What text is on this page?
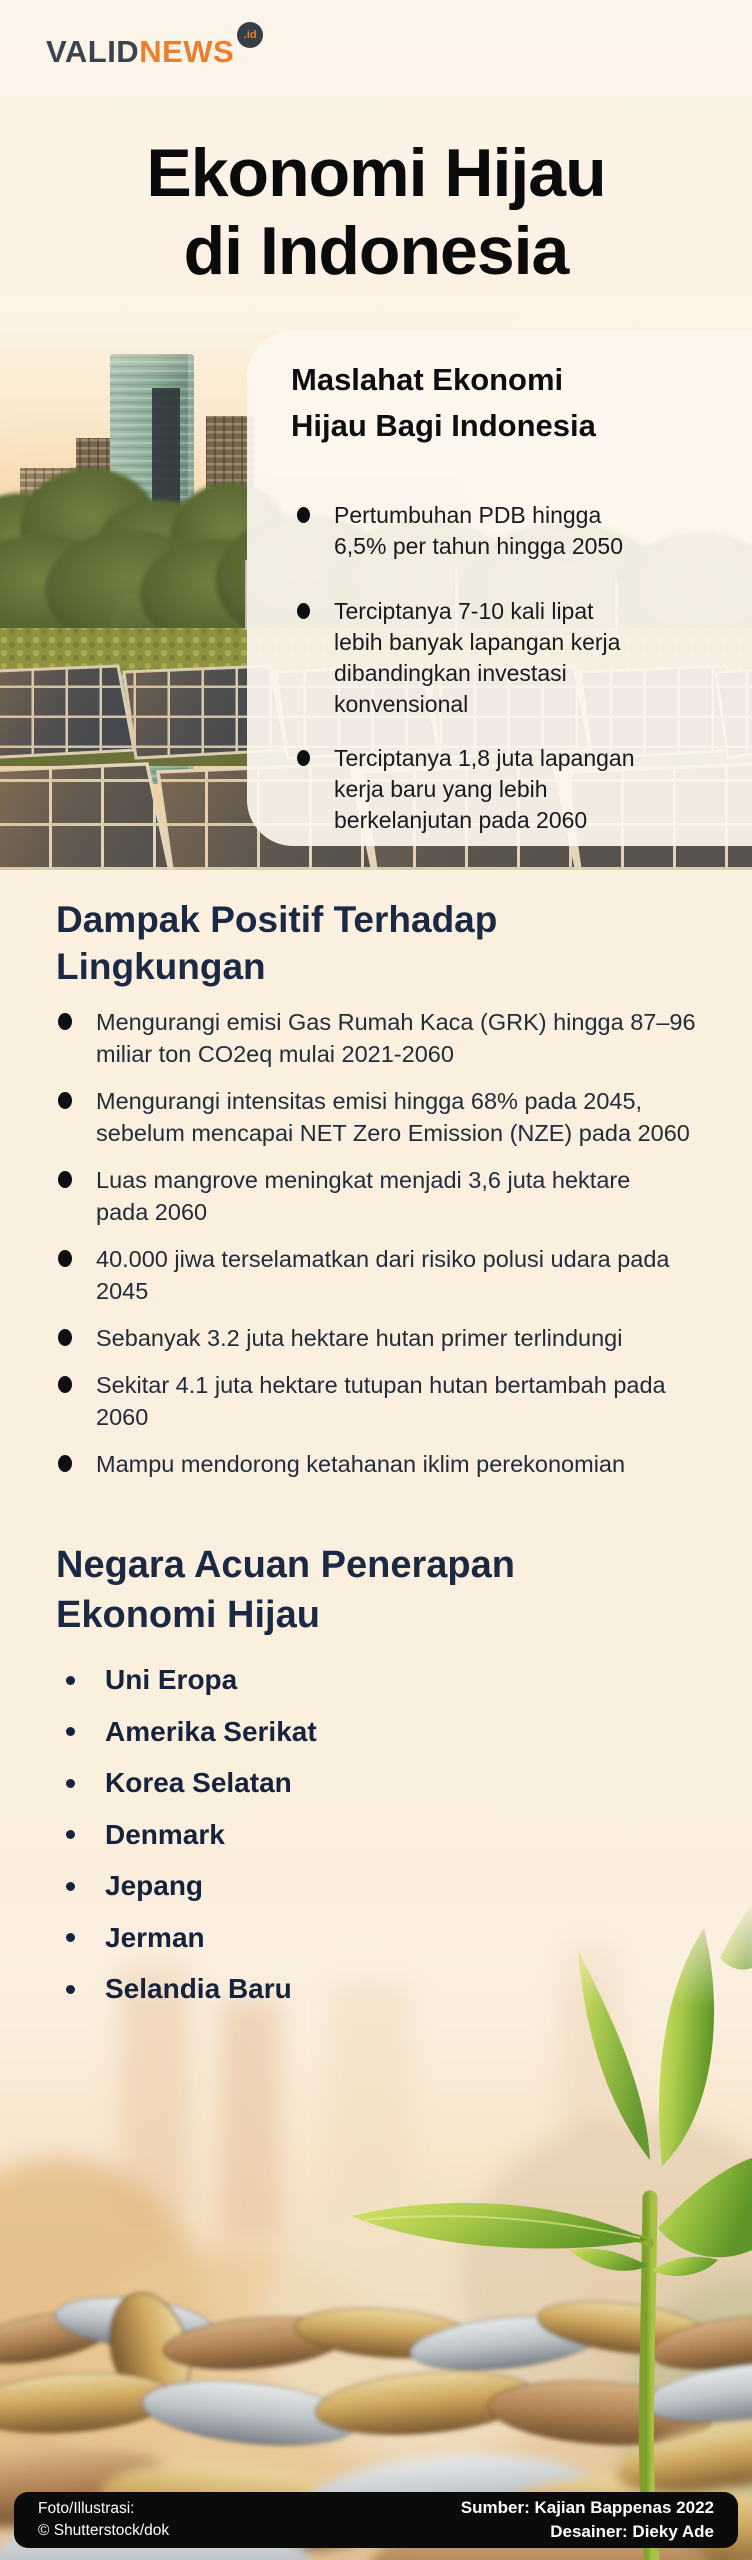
VALIDNEWS .id
Ekonomi Hijau
di Indonesia
Maslahat Ekonomi
Hijau Bagi Indonesia
Pertumbuhan PDB hingga
6,5% per tahun hingga 2050
Terciptanya 7-10 kali lipat
lebih banyak lapangan kerja
dibandingkan investasi
konvensional
Terciptanya 1,8 juta lapangan
kerja baru yang lebih
berkelanjutan pada 2060
Dampak Positif Terhadap
Lingkungan
Mengurangi emisi Gas Rumah Kaca (GRK) hingga 87–96
miliar ton CO2eq mulai 2021-2060
Mengurangi intensitas emisi hingga 68% pada 2045,
sebelum mencapai NET Zero Emission (NZE) pada 2060
Luas mangrove meningkat menjadi 3,6 juta hektare
pada 2060
40.000 jiwa terselamatkan dari risiko polusi udara pada
2045
Sebanyak 3.2 juta hektare hutan primer terlindungi
Sekitar 4.1 juta hektare tutupan hutan bertambah pada
2060
Mampu mendorong ketahanan iklim perekonomian
Negara Acuan Penerapan
Ekonomi Hijau
Uni Eropa
Amerika Serikat
Korea Selatan
Denmark
Jepang
Jerman
Selandia Baru
Foto/Illustrasi:
© Shutterstock/dok
Sumber: Kajian Bappenas 2022
Desainer: Dieky Ade
